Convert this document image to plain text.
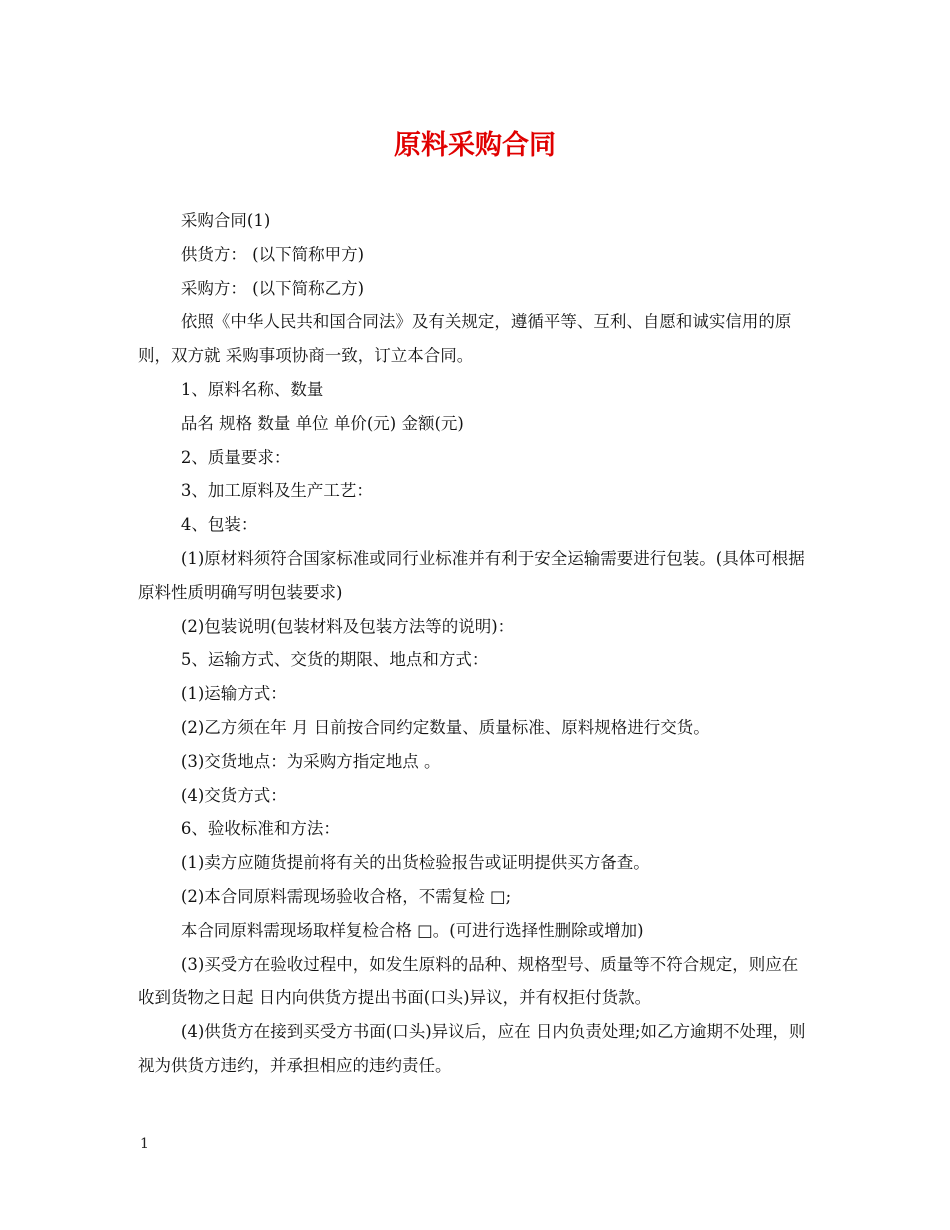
原料采购合同

采购合同(1)

供货方： (以下简称甲方)

采购方： (以下简称乙方)

依照《中华人民共和国合同法》及有关规定，遵循平等、互利、自愿和诚实信用的原则，双方就 采购事项协商一致，订立本合同。

1、原料名称、数量

品名 规格 数量 单位 单价(元) 金额(元)

2、质量要求：

3、加工原料及生产工艺：

4、包装：

(1)原材料须符合国家标准或同行业标准并有利于安全运输需要进行包装。(具体可根据原料性质明确写明包装要求)

(2)包装说明(包装材料及包装方法等的说明)：

5、运输方式、交货的期限、地点和方式：

(1)运输方式：

(2)乙方须在年 月 日前按合同约定数量、质量标准、原料规格进行交货。

(3)交货地点：为采购方指定地点 。

(4)交货方式：

6、验收标准和方法：

(1)卖方应随货提前将有关的出货检验报告或证明提供买方备查。

(2)本合同原料需现场验收合格，不需复检 □;

本合同原料需现场取样复检合格 □。(可进行选择性删除或增加)

(3)买受方在验收过程中，如发生原料的品种、规格型号、质量等不符合规定，则应在收到货物之日起 日内向供货方提出书面(口头)异议，并有权拒付货款。

(4)供货方在接到买受方书面(口头)异议后，应在 日内负责处理;如乙方逾期不处理，则视为供货方违约，并承担相应的违约责任。

1
